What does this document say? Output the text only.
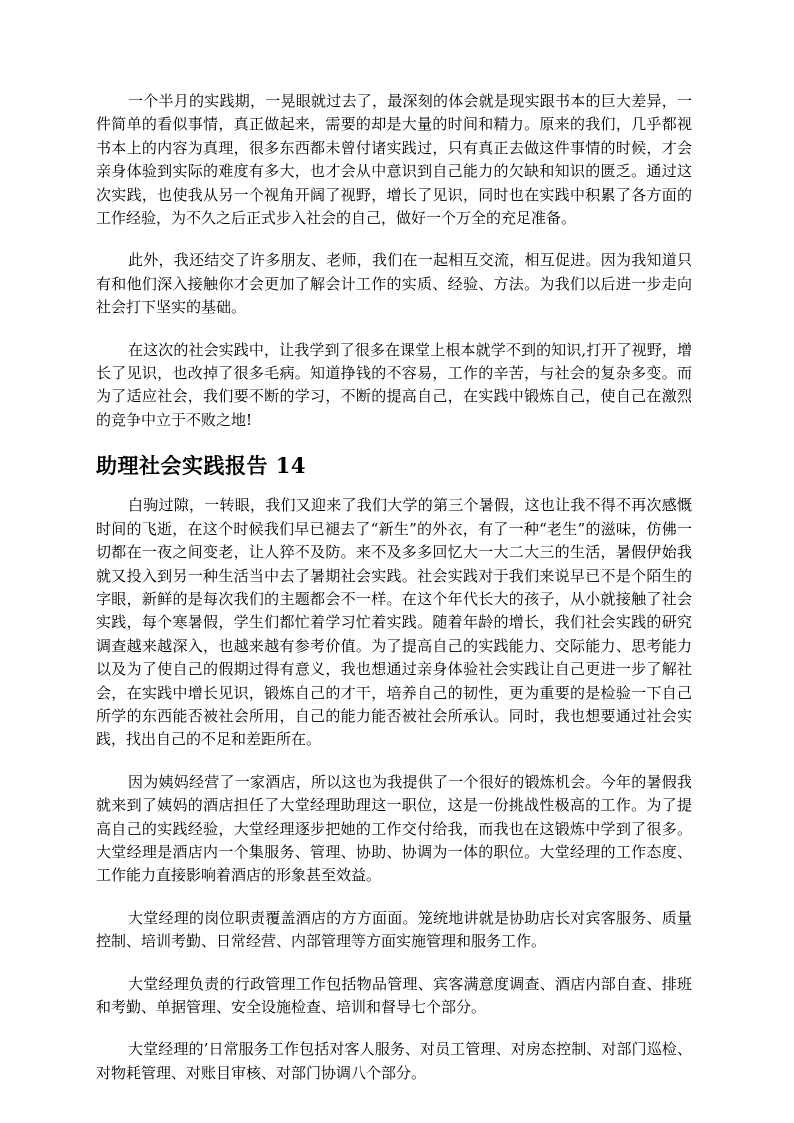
一个半月的实践期，一晃眼就过去了，最深刻的体会就是现实跟书本的巨大差异，一件简单的看似事情，真正做起来，需要的却是大量的时间和精力。原来的我们，几乎都视书本上的内容为真理，很多东西都未曾付诸实践过，只有真正去做这件事情的时候，才会亲身体验到实际的难度有多大，也才会从中意识到自己能力的欠缺和知识的匮乏。通过这次实践，也使我从另一个视角开阔了视野，增长了见识，同时也在实践中积累了各方面的工作经验，为不久之后正式步入社会的自己，做好一个万全的充足准备。

此外，我还结交了许多朋友、老师，我们在一起相互交流，相互促进。因为我知道只有和他们深入接触你才会更加了解会计工作的实质、经验、方法。为我们以后进一步走向社会打下坚实的基础。

在这次的社会实践中，让我学到了很多在课堂上根本就学不到的知识,打开了视野，增长了见识，也改掉了很多毛病。知道挣钱的不容易，工作的辛苦，与社会的复杂多变。而为了适应社会，我们要不断的学习，不断的提高自己，在实践中锻炼自己，使自己在激烈的竞争中立于不败之地!

助理社会实践报告 14

白驹过隙，一转眼，我们又迎来了我们大学的第三个暑假，这也让我不得不再次感慨时间的飞逝，在这个时候我们早已褪去了“新生”的外衣，有了一种“老生”的滋味，仿佛一切都在一夜之间变老，让人猝不及防。来不及多多回忆大一大二大三的生活，暑假伊始我就又投入到另一种生活当中去了暑期社会实践。社会实践对于我们来说早已不是个陌生的字眼，新鲜的是每次我们的主题都会不一样。在这个年代长大的孩子，从小就接触了社会实践，每个寒暑假，学生们都忙着学习忙着实践。随着年龄的增长，我们社会实践的研究调查越来越深入，也越来越有参考价值。为了提高自己的实践能力、交际能力、思考能力以及为了使自己的假期过得有意义，我也想通过亲身体验社会实践让自己更进一步了解社会，在实践中增长见识，锻炼自己的才干，培养自己的韧性，更为重要的是检验一下自己所学的东西能否被社会所用，自己的能力能否被社会所承认。同时，我也想要通过社会实践，找出自己的不足和差距所在。

因为姨妈经营了一家酒店，所以这也为我提供了一个很好的锻炼机会。今年的暑假我就来到了姨妈的酒店担任了大堂经理助理这一职位，这是一份挑战性极高的工作。为了提高自己的实践经验，大堂经理逐步把她的工作交付给我，而我也在这锻炼中学到了很多。大堂经理是酒店内一个集服务、管理、协助、协调为一体的职位。大堂经理的工作态度、工作能力直接影响着酒店的形象甚至效益。

大堂经理的岗位职责覆盖酒店的方方面面。笼统地讲就是协助店长对宾客服务、质量控制、培训考勤、日常经营、内部管理等方面实施管理和服务工作。

大堂经理负责的行政管理工作包括物品管理、宾客满意度调查、酒店内部自查、排班和考勤、单据管理、安全设施检查、培训和督导七个部分。

大堂经理的’日常服务工作包括对客人服务、对员工管理、对房态控制、对部门巡检、对物耗管理、对账目审核、对部门协调八个部分。
